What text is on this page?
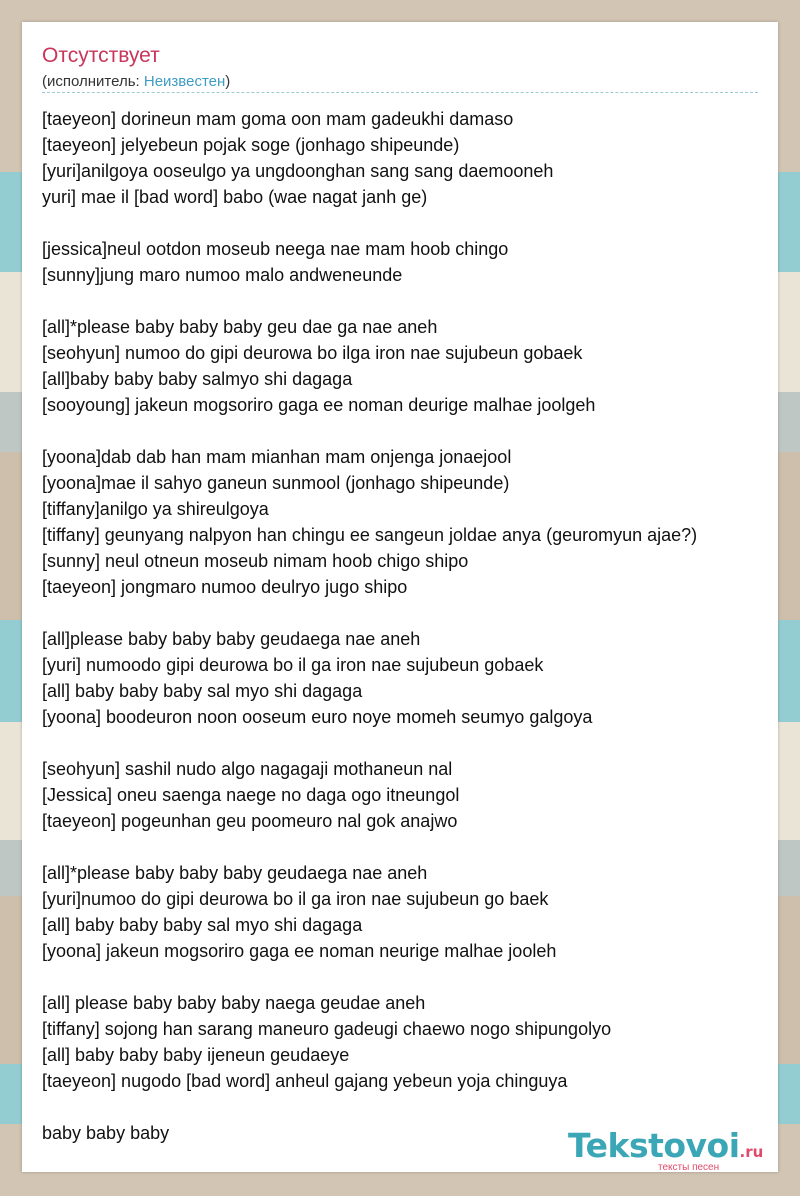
Отсутствует
(исполнитель: Неизвестен)
[taeyeon] dorineun mam goma oon mam gadeukhi damaso
[taeyeon] jelyebeun pojak soge (jonhago shipeunde)
[yuri]anilgoya ooseulgo ya ungdoonghan sang sang daemooneh
yuri] mae il [bad word] babo (wae nagat janh ge)
[jessica]neul ootdon moseub neega nae mam hoob chingo
[sunny]jung maro numoo malo andweneunde
[all]*please baby baby baby geu dae ga nae aneh
[seohyun] numoo do gipi deurowa bo ilga iron nae sujubeun gobaek
[all]baby baby baby salmyo shi dagaga
[sooyoung] jakeun mogsoriro gaga ee noman deurige malhae joolgeh
[yoona]dab dab han mam mianhan mam onjenga jonaejool
[yoona]mae il sahyo ganeun sunmool (jonhago shipeunde)
[tiffany]anilgo ya shireulgoya
[tiffany] geunyang nalpyon han chingu ee sangeun joldae anya (geuromyun ajae?)
[sunny] neul otneun moseub nimam hoob chigo shipo
[taeyeon] jongmaro numoo deulryo jugo shipo
[all]please baby baby baby geudaega nae aneh
[yuri] numoodo gipi deurowa bo il ga iron nae sujubeun gobaek
[all] baby baby baby sal myo shi dagaga
[yoona] boodeuron noon ooseum euro noye momeh seumyo galgoya
[seohyun] sashil nudo algo nagagaji mothaneun nal
[Jessica] oneu saenga naege no daga ogo itneungol
[taeyeon] pogeunhan geu poomeuro nal gok anajwo
[all]*please baby baby baby geudaega nae aneh
[yuri]numoo do gipi deurowa bo il ga iron nae sujubeun go baek
[all] baby baby baby sal myo shi dagaga
[yoona] jakeun mogsoriro gaga ee noman neurige malhae jooleh
[all] please baby baby baby naega geudae aneh
[tiffany] sojong han sarang maneuro gadeugi chaewo nogo shipungolyo
[all] baby baby baby ijeneun geudaeye
[taeyeon] nugodo [bad word] anheul gajang yebeun yoja chinguya
baby baby baby	Tekstovoi.ru
тексты песен
